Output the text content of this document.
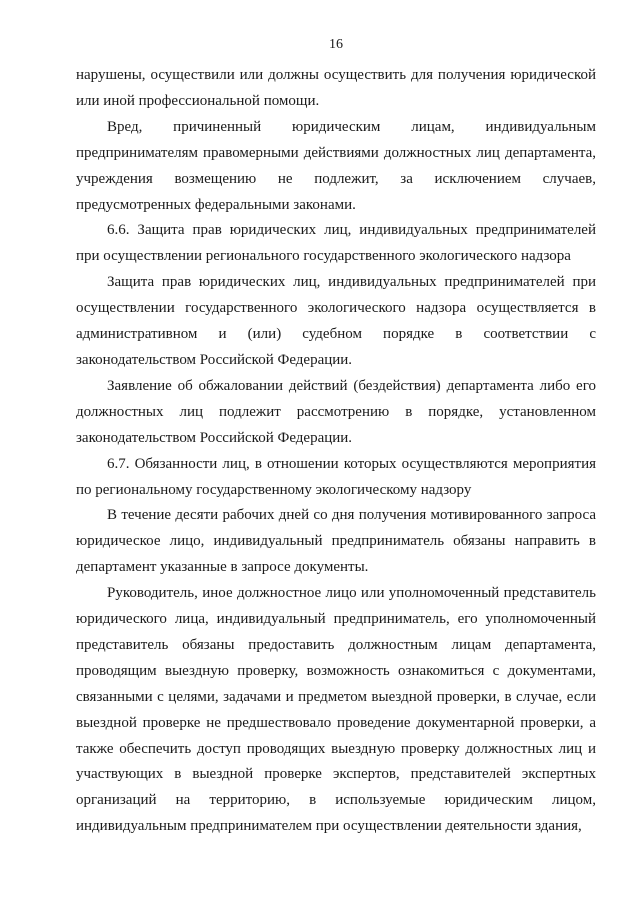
16

нарушены, осуществили или должны осуществить для получения юридической или иной профессиональной помощи.

Вред, причиненный юридическим лицам, индивидуальным предпринимателям правомерными действиями должностных лиц департамента, учреждения возмещению не подлежит, за исключением случаев, предусмотренных федеральными законами.

6.6. Защита прав юридических лиц, индивидуальных предпринимателей при осуществлении регионального государственного экологического надзора

Защита прав юридических лиц, индивидуальных предпринимателей при осуществлении государственного экологического надзора осуществляется в административном и (или) судебном порядке в соответствии с законодательством Российской Федерации.

Заявление об обжаловании действий (бездействия) департамента либо его должностных лиц подлежит рассмотрению в порядке, установленном законодательством Российской Федерации.

6.7. Обязанности лиц, в отношении которых осуществляются мероприятия по региональному государственному экологическому надзору

В течение десяти рабочих дней со дня получения мотивированного запроса юридическое лицо, индивидуальный предприниматель обязаны направить в департамент указанные в запросе документы.

Руководитель, иное должностное лицо или уполномоченный представитель юридического лица, индивидуальный предприниматель, его уполномоченный представитель обязаны предоставить должностным лицам департамента, проводящим выездную проверку, возможность ознакомиться с документами, связанными с целями, задачами и предметом выездной проверки, в случае, если выездной проверке не предшествовало проведение документарной проверки, а также обеспечить доступ проводящих выездную проверку должностных лиц и участвующих в выездной проверке экспертов, представителей экспертных организаций на территорию, в используемые юридическим лицом, индивидуальным предпринимателем при осуществлении деятельности здания,
